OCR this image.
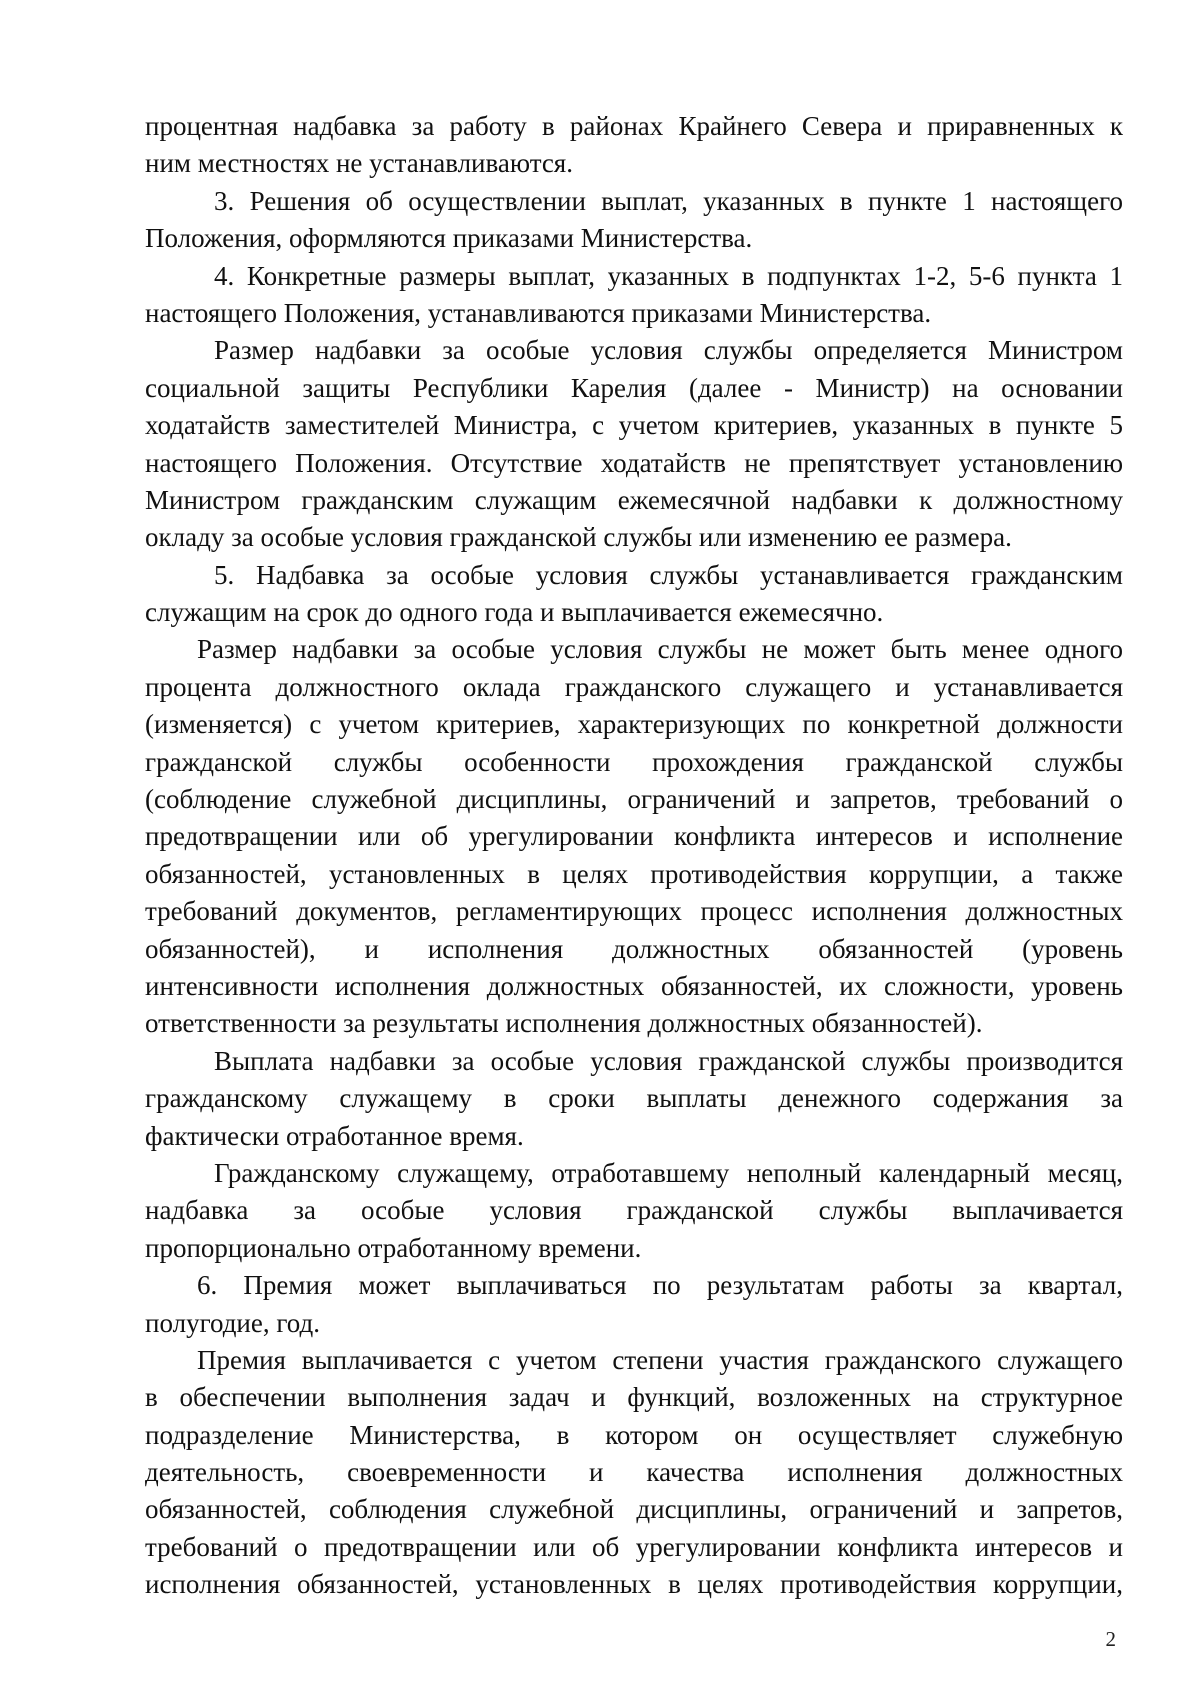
процентная надбавка за работу в районах Крайнего Севера и приравненных к
ним местностях не устанавливаются.
3. Решения об осуществлении выплат, указанных в пункте 1 настоящего
Положения, оформляются приказами Министерства.
4. Конкретные размеры выплат, указанных в подпунктах 1-2, 5-6 пункта 1
настоящего Положения, устанавливаются приказами Министерства.
Размер надбавки за особые условия службы определяется Министром
социальной защиты Республики Карелия (далее - Министр) на основании
ходатайств заместителей Министра, с учетом критериев, указанных в пункте 5
настоящего Положения. Отсутствие ходатайств не препятствует установлению
Министром гражданским служащим ежемесячной надбавки к должностному
окладу за особые условия гражданской службы или изменению ее размера.
5. Надбавка за особые условия службы устанавливается гражданским
служащим на срок до одного года и выплачивается ежемесячно.
Размер надбавки за особые условия службы не может быть менее одного
процента должностного оклада гражданского служащего и устанавливается
(изменяется) с учетом критериев, характеризующих по конкретной должности
гражданской службы особенности прохождения гражданской службы
(соблюдение служебной дисциплины, ограничений и запретов, требований о
предотвращении или об урегулировании конфликта интересов и исполнение
обязанностей, установленных в целях противодействия коррупции, а также
требований документов, регламентирующих процесс исполнения должностных
обязанностей), и исполнения должностных обязанностей (уровень
интенсивности исполнения должностных обязанностей, их сложности, уровень
ответственности за результаты исполнения должностных обязанностей).
Выплата надбавки за особые условия гражданской службы производится
гражданскому служащему в сроки выплаты денежного содержания за
фактически отработанное время.
Гражданскому служащему, отработавшему неполный календарный месяц,
надбавка за особые условия гражданской службы выплачивается
пропорционально отработанному времени.
6. Премия может выплачиваться по результатам работы за квартал,
полугодие, год.
Премия выплачивается с учетом степени участия гражданского служащего
в обеспечении выполнения задач и функций, возложенных на структурное
подразделение Министерства, в котором он осуществляет служебную
деятельность, своевременности и качества исполнения должностных
обязанностей, соблюдения служебной дисциплины, ограничений и запретов,
требований о предотвращении или об урегулировании конфликта интересов и
исполнения обязанностей, установленных в целях противодействия коррупции,
2
